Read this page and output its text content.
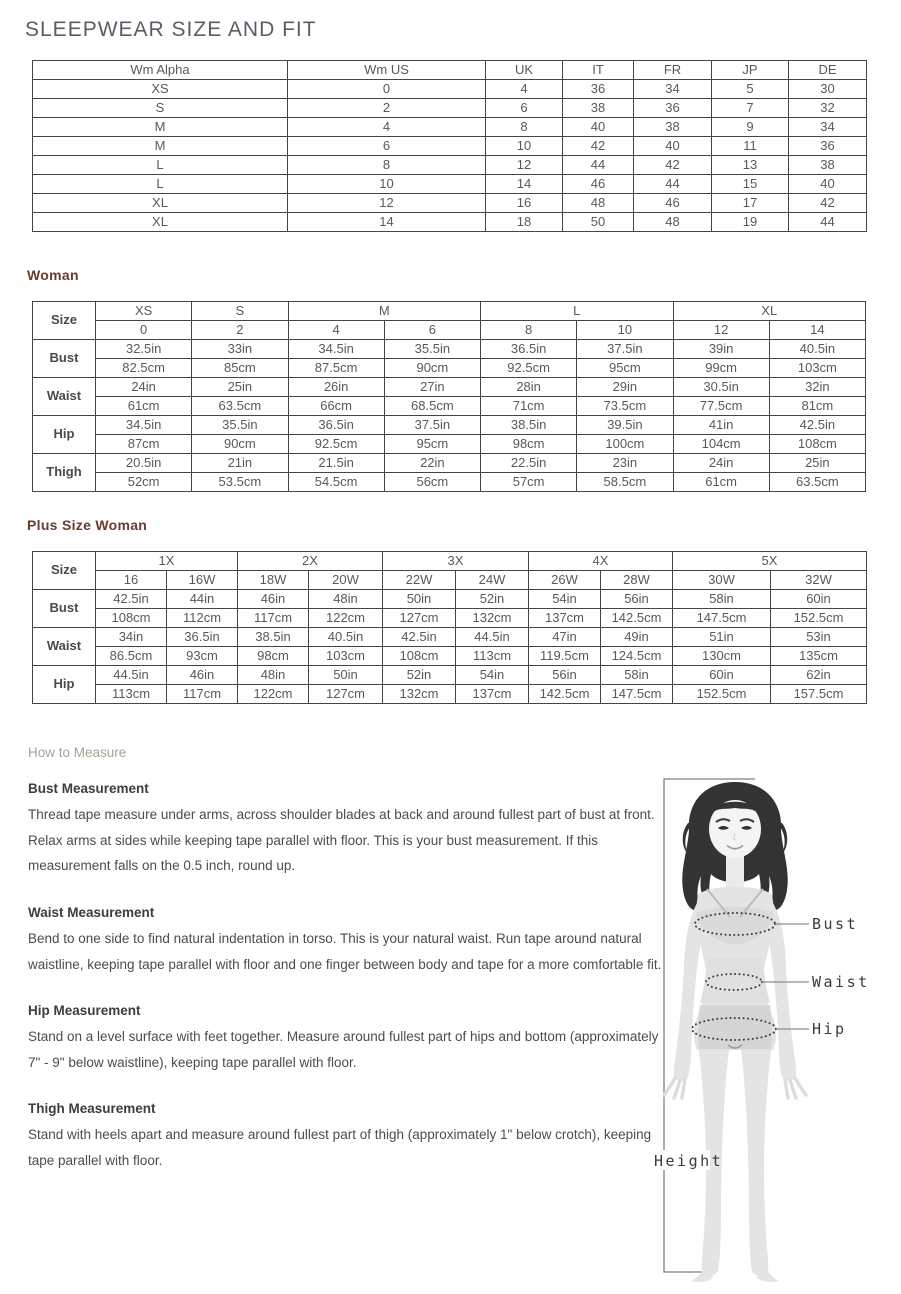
SLEEPWEAR SIZE AND FIT
Wm Alpha	Wm US	UK	IT	FR	JP	DE
XS	0	4	36	34	5	30
S	2	6	38	36	7	32
M	4	8	40	38	9	34
M	6	10	42	40	11	36
L	8	12	44	42	13	38
L	10	14	46	44	15	40
XL	12	16	48	46	17	42
XL	14	18	50	48	19	44
Woman
Size	XS	S	M		L		XL	
	0	2	4	6	8	10	12	14
Bust	32.5in	33in	34.5in	35.5in	36.5in	37.5in	39in	40.5in
	82.5cm	85cm	87.5cm	90cm	92.5cm	95cm	99cm	103cm
Waist	24in	25in	26in	27in	28in	29in	30.5in	32in
	61cm	63.5cm	66cm	68.5cm	71cm	73.5cm	77.5cm	81cm
Hip	34.5in	35.5in	36.5in	37.5in	38.5in	39.5in	41in	42.5in
	87cm	90cm	92.5cm	95cm	98cm	100cm	104cm	108cm
Thigh	20.5in	21in	21.5in	22in	22.5in	23in	24in	25in
	52cm	53.5cm	54.5cm	56cm	57cm	58.5cm	61cm	63.5cm
Plus Size Woman
Size	1X		2X		3X		4X		5X	
	16	16W	18W	20W	22W	24W	26W	28W	30W	32W
Bust	42.5in	44in	46in	48in	50in	52in	54in	56in	58in	60in
	108cm	112cm	117cm	122cm	127cm	132cm	137cm	142.5cm	147.5cm	152.5cm
Waist	34in	36.5in	38.5in	40.5in	42.5in	44.5in	47in	49in	51in	53in
	86.5cm	93cm	98cm	103cm	108cm	113cm	119.5cm	124.5cm	130cm	135cm
Hip	44.5in	46in	48in	50in	52in	54in	56in	58in	60in	62in
	113cm	117cm	122cm	127cm	132cm	137cm	142.5cm	147.5cm	152.5cm	157.5cm
How to Measure
Bust Measurement
Thread tape measure under arms, across shoulder blades at back and around fullest part of bust at front. Relax arms at sides while keeping tape parallel with floor. This is your bust measurement. If this measurement falls on the 0.5 inch, round up.
Waist Measurement
Bend to one side to find natural indentation in torso. This is your natural waist. Run tape around natural waistline, keeping tape parallel with floor and one finger between body and tape for a more comfortable fit.
Hip Measurement
Stand on a level surface with feet together. Measure around fullest part of hips and bottom (approximately 7" - 9" below waistline), keeping tape parallel with floor.
Thigh Measurement
Stand with heels apart and measure around fullest part of thigh (approximately 1" below crotch), keeping tape parallel with floor.
Bust
Waist
Hip
Height
